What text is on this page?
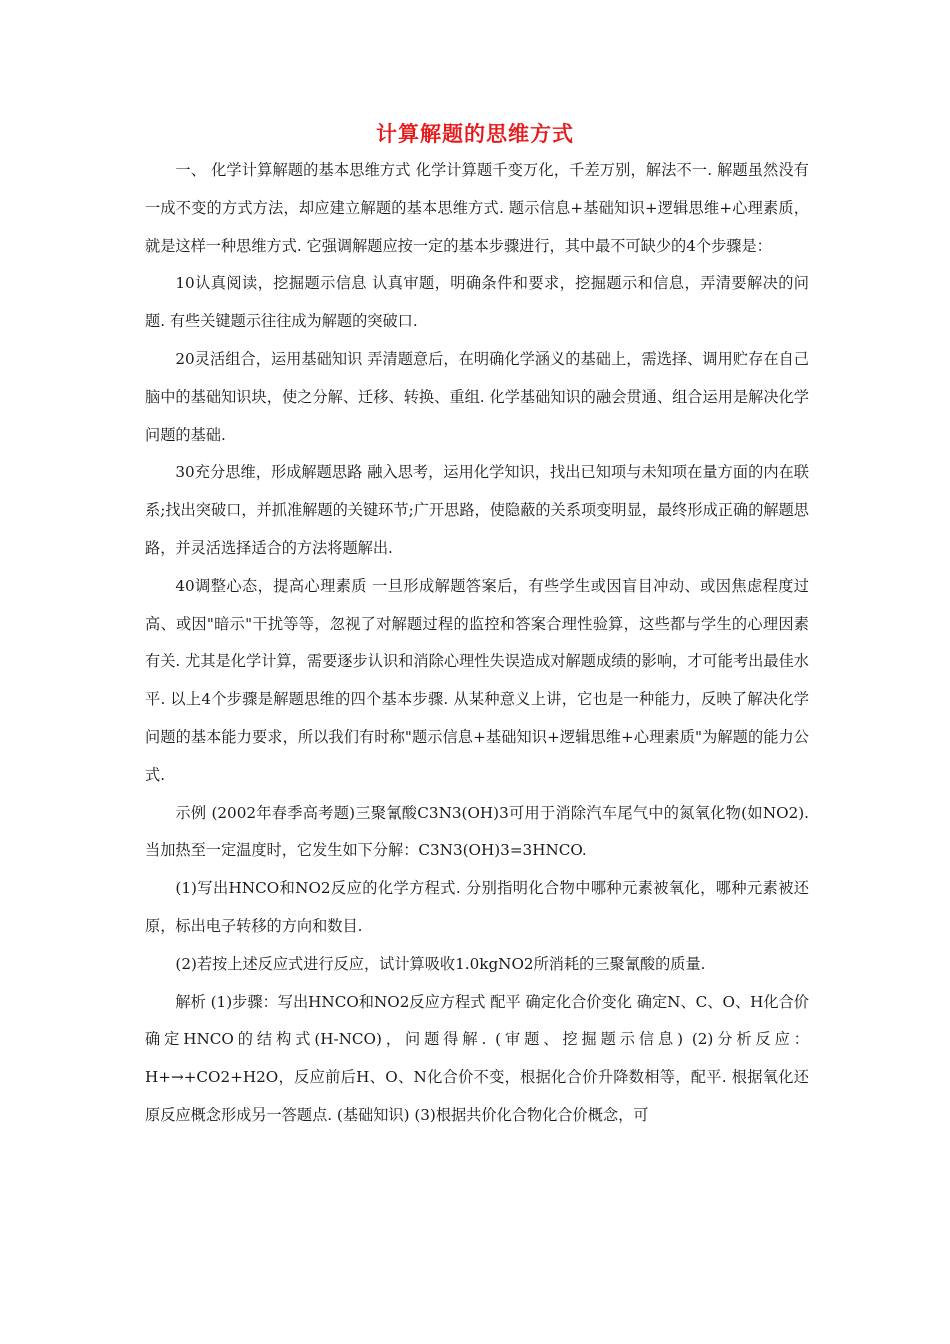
计算解题的思维方式

一、 化学计算解题的基本思维方式 化学计算题千变万化，千差万别，解法不一. 解题虽然没有一成不变的方式方法，却应建立解题的基本思维方式. 题示信息+基础知识+逻辑思维+心理素质，就是这样一种思维方式. 它强调解题应按一定的基本步骤进行，其中最不可缺少的4个步骤是：

10认真阅读，挖掘题示信息 认真审题，明确条件和要求，挖掘题示和信息，弄清要解决的问题. 有些关键题示往往成为解题的突破口.

20灵活组合，运用基础知识 弄清题意后，在明确化学涵义的基础上，需选择、调用贮存在自己脑中的基础知识块，使之分解、迁移、转换、重组. 化学基础知识的融会贯通、组合运用是解决化学问题的基础.

30充分思维，形成解题思路 融入思考，运用化学知识，找出已知项与未知项在量方面的内在联系;找出突破口，并抓准解题的关键环节;广开思路，使隐蔽的关系项变明显，最终形成正确的解题思路，并灵活选择适合的方法将题解出.

40调整心态，提高心理素质 一旦形成解题答案后，有些学生或因盲目冲动、或因焦虑程度过高、或因"暗示"干扰等等，忽视了对解题过程的监控和答案合理性验算，这些都与学生的心理因素有关. 尤其是化学计算，需要逐步认识和消除心理性失误造成对解题成绩的影响，才可能考出最佳水平. 以上4个步骤是解题思维的四个基本步骤. 从某种意义上讲，它也是一种能力，反映了解决化学问题的基本能力要求，所以我们有时称"题示信息+基础知识+逻辑思维+心理素质"为解题的能力公式.

示例 (2002年春季高考题)三聚氰酸C3N3(OH)3可用于消除汽车尾气中的氮氧化物(如NO2). 当加热至一定温度时，它发生如下分解：C3N3(OH)3=3HNCO.

(1)写出HNCO和NO2反应的化学方程式. 分别指明化合物中哪种元素被氧化，哪种元素被还原，标出电子转移的方向和数目.

(2)若按上述反应式进行反应，试计算吸收1.0kgNO2所消耗的三聚氰酸的质量.

解析 (1)步骤：写出HNCO和NO2反应方程式 配平 确定化合价变化 确定N、C、O、H化合价 确定HNCO的结构式(H-NCO)，问题得解. (审题、挖掘题示信息) (2)分析反应：H+→+CO2+H2O，反应前后H、O、N化合价不变，根据化合价升降数相等，配平. 根据氧化还原反应概念形成另一答题点. (基础知识) (3)根据共价化合物化合价概念，可
